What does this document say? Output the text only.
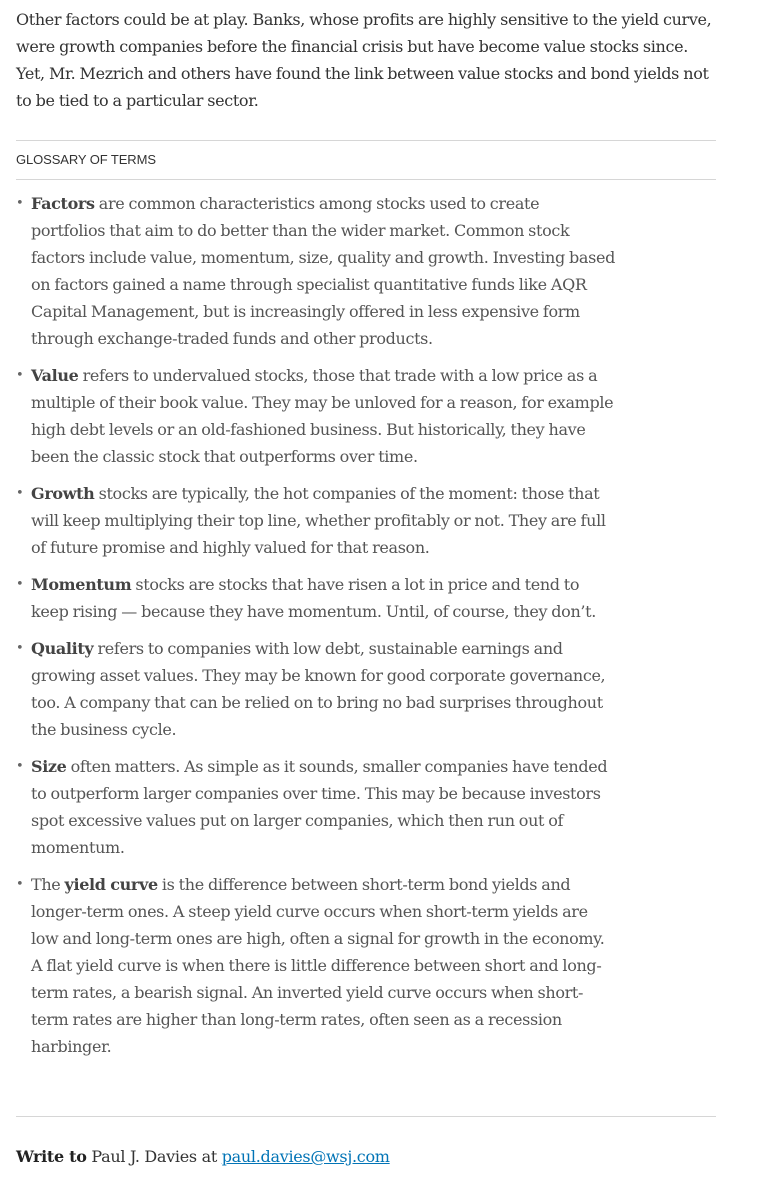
Other factors could be at play. Banks, whose profits are highly sensitive to the yield curve, were growth companies before the financial crisis but have become value stocks since. Yet, Mr. Mezrich and others have found the link between value stocks and bond yields not to be tied to a particular sector.

GLOSSARY OF TERMS
• Factors are common characteristics among stocks used to create portfolios that aim to do better than the wider market. Common stock factors include value, momentum, size, quality and growth. Investing based on factors gained a name through specialist quantitative funds like AQR Capital Management, but is increasingly offered in less expensive form through exchange-traded funds and other products.
• Value refers to undervalued stocks, those that trade with a low price as a multiple of their book value. They may be unloved for a reason, for example high debt levels or an old-fashioned business. But historically, they have been the classic stock that outperforms over time.
• Growth stocks are typically, the hot companies of the moment: those that will keep multiplying their top line, whether profitably or not. They are full of future promise and highly valued for that reason.
• Momentum stocks are stocks that have risen a lot in price and tend to keep rising — because they have momentum. Until, of course, they don’t.
• Quality refers to companies with low debt, sustainable earnings and growing asset values. They may be known for good corporate governance, too. A company that can be relied on to bring no bad surprises throughout the business cycle.
• Size often matters. As simple as it sounds, smaller companies have tended to outperform larger companies over time. This may be because investors spot excessive values put on larger companies, which then run out of momentum.
• The yield curve is the difference between short-term bond yields and longer-term ones. A steep yield curve occurs when short-term yields are low and long-term ones are high, often a signal for growth in the economy. A flat yield curve is when there is little difference between short and long-term rates, a bearish signal. An inverted yield curve occurs when short-term rates are higher than long-term rates, often seen as a recession harbinger.
Write to Paul J. Davies at paul.davies@wsj.com
